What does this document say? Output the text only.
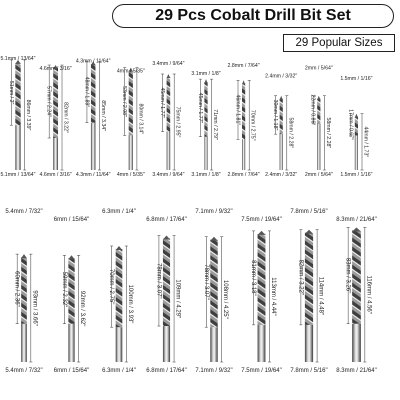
29 Pcs Cobalt Drill Bit Set
29 Popular Sizes
86mm / 3.39"
51mm / 2"
5.1mm / 13/64"
5.1mm / 13/64"
82mm / 3.22"
57mm / 2.24"
4.6mm / 3/16"
4.6mm / 3/16"
85mm / 3.34"
48mm / 1.89"
4.3mm / 11/64"
4.3mm / 11/64"
80mm / 3.14"
53mm / 2.08"
4mm / 5/35"
4mm / 5/35"
75mm / 2.95"
45mm / 1.77"
3.4mm / 9/64"
3.4mm / 9/64"
71mm / 2.79"
45mm / 1.77"
3.1mm / 1/8"
3.1mm / 1/8"
70mm / 2.75"
46mm / 1.81"
2.8mm / 7/64"
2.8mm / 7/64"
58mm / 2.28"
30mm / 1.18"
2.4mm / 3/32"
2.4mm / 3/32"
58mm / 2.28"
22mm / 0.86"
2mm / 5/64"
2mm / 5/64"
44mm / 1.73"
17mm / 0.67"
1.5mm / 1/16"
1.5mm / 1/16"
93mm / 3.66"
60mm / 2.36"
5.4mm / 7/32"
5.4mm / 7/32"
92mm / 3.62"
59mm / 2.32"
6mm / 15/64"
6mm / 15/64"
100mm / 3.93"
70mm / 2.75"
6.3mm / 1/4"
6.3mm / 1/4"
109mm / 4.29"
78mm / 3.07"
6.8mm / 17/64"
6.8mm / 17/64"
108mm / 4.25"
78mm / 3.07"
7.1mm / 9/32"
7.1mm / 9/32"
113mm / 4.44"
81mm / 3.18"
7.5mm / 19/64"
7.5mm / 19/64"
114mm / 4.48"
82mm / 3.22"
7.8mm / 5/16"
7.8mm / 5/16"
116mm / 4.56"
83mm / 3.26"
8.3mm / 21/64"
8.3mm / 21/64"
